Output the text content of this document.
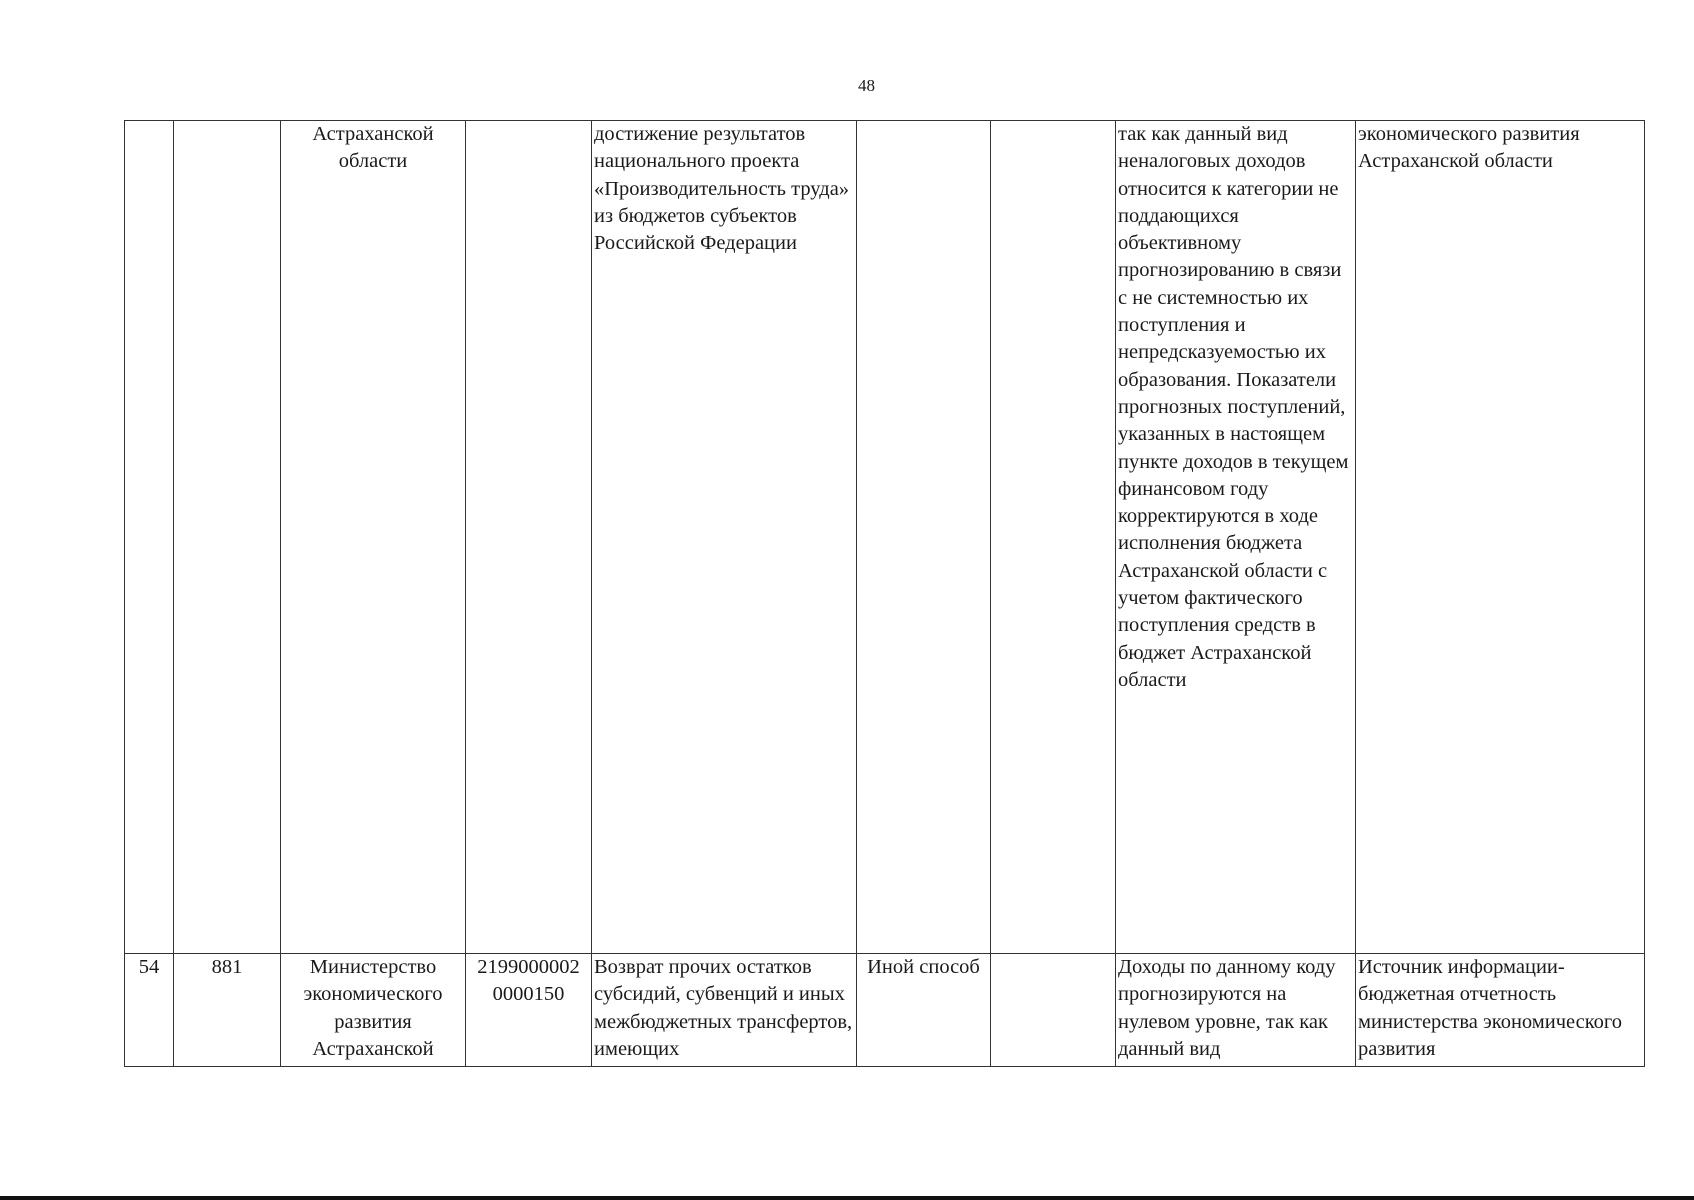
48
		Астраханской области		достижение результатов национального проекта «Производительность труда» из бюджетов субъектов Российской Федерации			так как данный вид неналоговых доходов относится к категории не поддающихся объективному прогнозированию в связи с не системностью их поступления и непредсказуемостью их образования. Показатели прогнозных поступлений, указанных в настоящем пункте доходов в текущем финансовом году корректируются в ходе исполнения бюджета Астраханской области с учетом фактического поступления средств в бюджет Астраханской области	экономического развития Астраханской области
54	881	Министерство экономического развития Астраханской	2199000002 0000150	Возврат прочих остатков субсидий, субвенций и иных межбюджетных трансфертов, имеющих	Иной способ		Доходы по данному коду прогнозируются на нулевом уровне, так как данный вид	Источник информации-бюджетная отчетность министерства экономического развития
